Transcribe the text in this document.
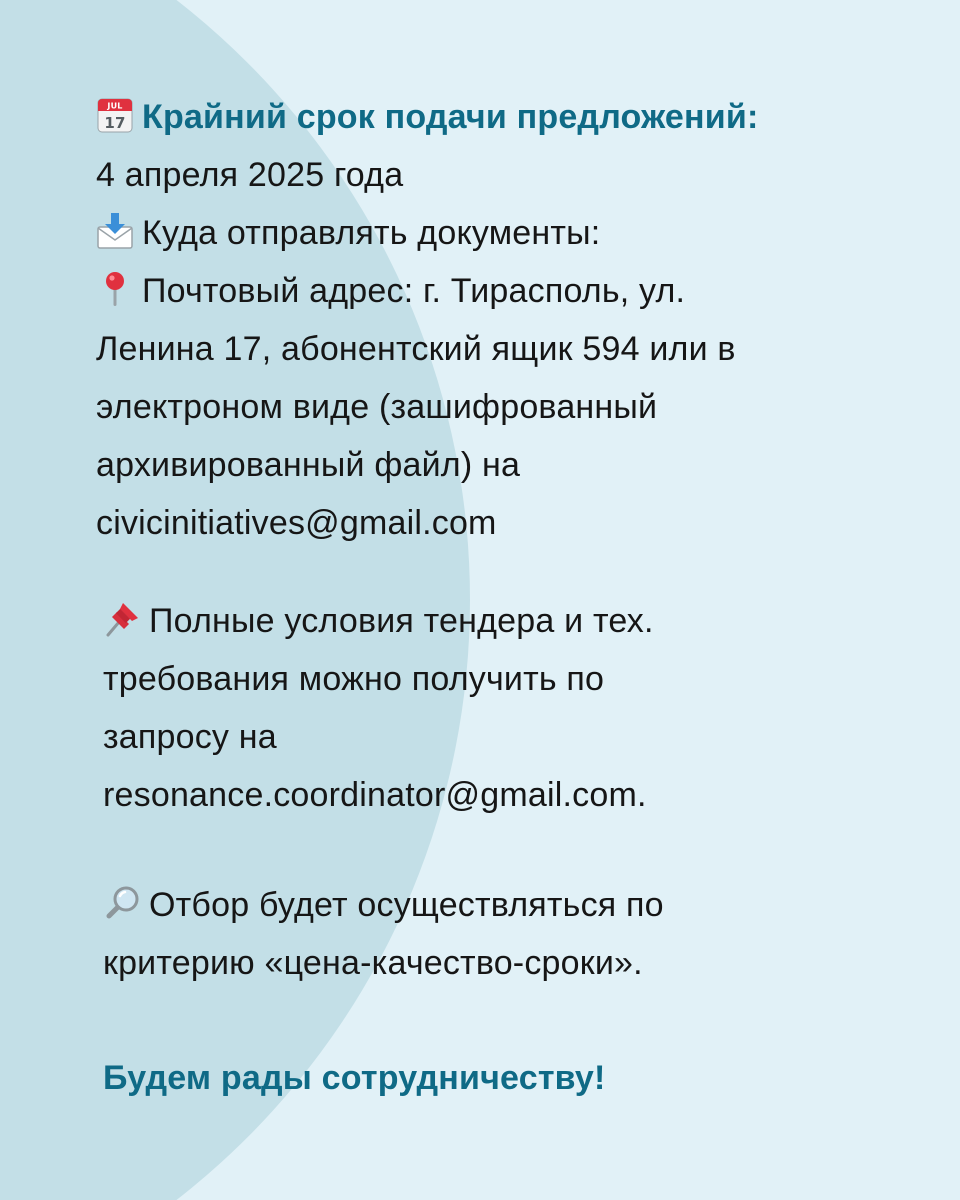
JUL
17 Крайний срок подачи предложений:
4 апреля 2025 года
Куда отправлять документы:
Почтовый адрес: г. Тирасполь, ул.
Ленина 17, абонентский ящик 594 или в
электроном виде (зашифрованный
архивированный файл) на
civicinitiatives@gmail.com
Полные условия тендера и тех.
требования можно получить по
запросу на
resonance.coordinator@gmail.com.
Отбор будет осуществляться по
критерию «цена-качество-сроки».
Будем рады сотрудничеству!
